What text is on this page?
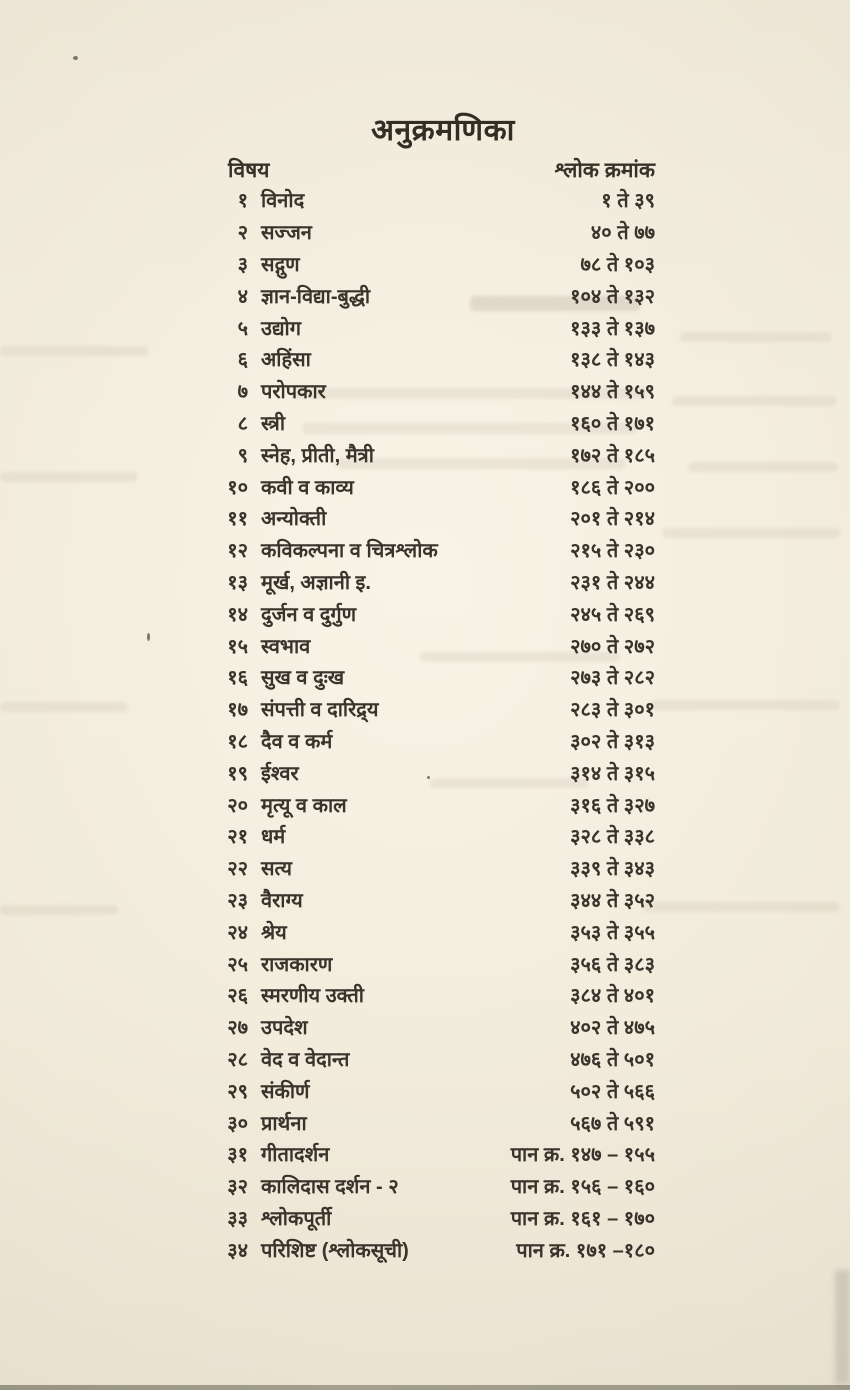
अनुक्रमणिका
विषय	श्लोक क्रमांक
१ विनोद	१ ते ३९
२ सज्जन	४० ते ७७
३ सद्गुण	७८ ते १०३
४ ज्ञान-विद्या-बुद्धी	१०४ ते १३२
५ उद्योग	१३३ ते १३७
६ अहिंसा	१३८ ते १४३
७ परोपकार	१४४ ते १५९
८ स्त्री	१६० ते १७१
९ स्नेह, प्रीती, मैत्री	१७२ ते १८५
१० कवी व काव्य	१८६ ते २००
११ अन्योक्ती	२०१ ते २१४
१२ कविकल्पना व चित्रश्लोक	२१५ ते २३०
१३ मूर्ख, अज्ञानी इ.	२३१ ते २४४
१४ दुर्जन व दुर्गुण	२४५ ते २६९
१५ स्वभाव	२७० ते २७२
१६ सुख व दुःख	२७३ ते २८२
१७ संपत्ती व दारिद्र्य	२८३ ते ३०१
१८ दैव व कर्म	३०२ ते ३१३
१९ ईश्वर	३१४ ते ३१५
२० मृत्यू व काल	३१६ ते ३२७
२१ धर्म	३२८ ते ३३८
२२ सत्य	३३९ ते ३४३
२३ वैराग्य	३४४ ते ३५२
२४ श्रेय	३५३ ते ३५५
२५ राजकारण	३५६ ते ३८३
२६ स्मरणीय उक्ती	३८४ ते ४०१
२७ उपदेश	४०२ ते ४७५
२८ वेद व वेदान्त	४७६ ते ५०१
२९ संकीर्ण	५०२ ते ५६६
३० प्रार्थना	५६७ ते ५९१
३१ गीतादर्शन	पान क्र. १४७ – १५५
३२ कालिदास दर्शन - २	पान क्र. १५६ – १६०
३३ श्लोकपूर्ती	पान क्र. १६१ – १७०
३४ परिशिष्ट (श्लोकसूची)	पान क्र. १७१ –१८०
